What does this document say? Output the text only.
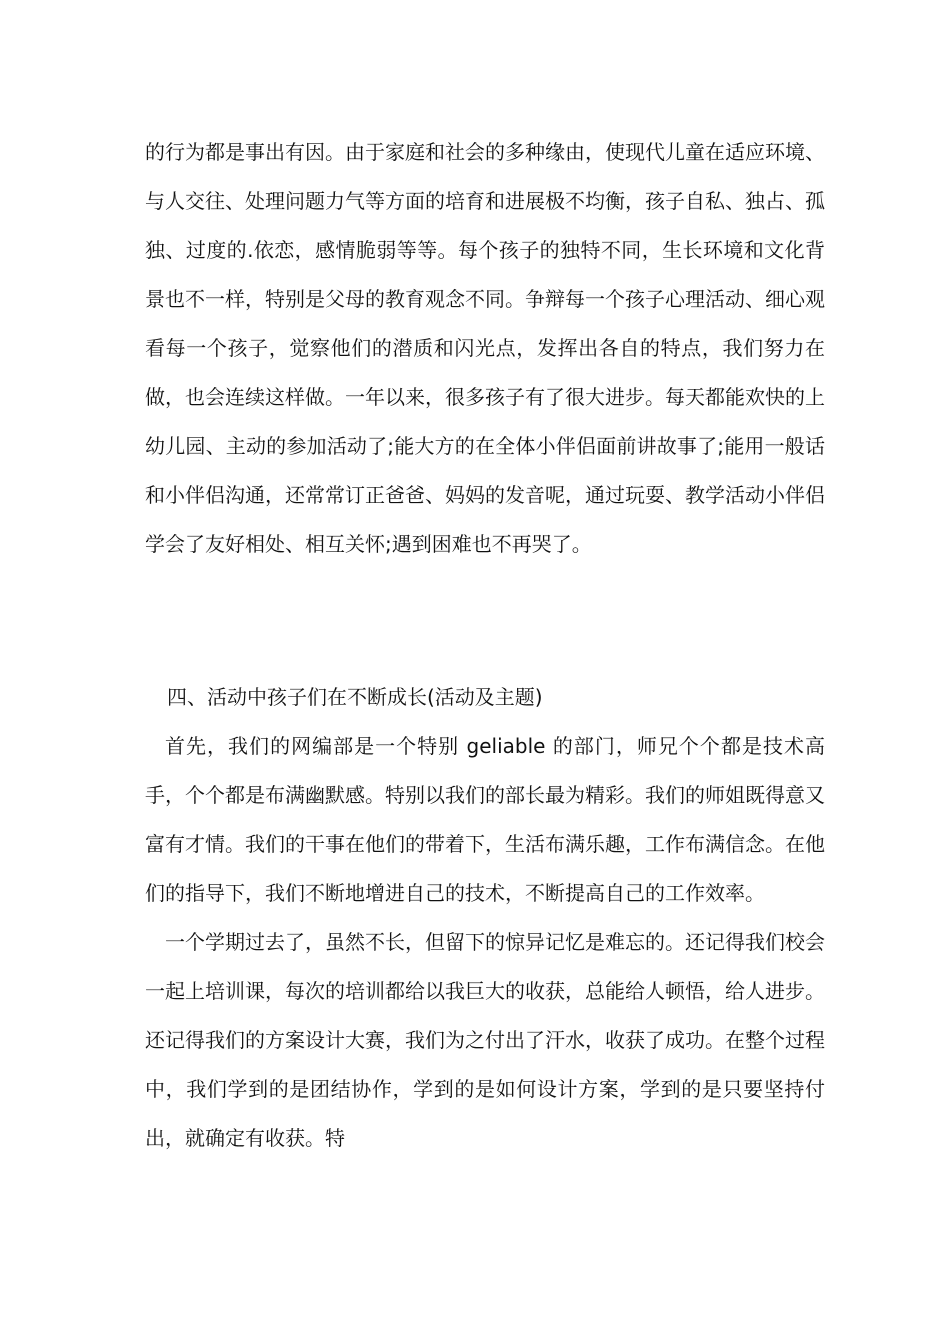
的行为都是事出有因。由于家庭和社会的多种缘由，使现代儿童在适应环境、与人交往、处理问题力气等方面的培育和进展极不均衡，孩子自私、独占、孤独、过度的.依恋，感情脆弱等等。每个孩子的独特不同，生长环境和文化背景也不一样，特别是父母的教育观念不同。争辩每一个孩子心理活动、细心观看每一个孩子，觉察他们的潜质和闪光点，发挥出各自的特点，我们努力在做，也会连续这样做。一年以来，很多孩子有了很大进步。每天都能欢快的上幼儿园、主动的参加活动了;能大方的在全体小伴侣面前讲故事了;能用一般话和小伴侣沟通，还常常订正爸爸、妈妈的发音呢，通过玩耍、教学活动小伴侣学会了友好相处、相互关怀;遇到困难也不再哭了。

四、活动中孩子们在不断成长(活动及主题)

首先，我们的网编部是一个特别 geliable 的部门，师兄个个都是技术高手，个个都是布满幽默感。特别以我们的部长最为精彩。我们的师姐既得意又富有才情。我们的干事在他们的带着下，生活布满乐趣，工作布满信念。在他们的指导下，我们不断地增进自己的技术，不断提高自己的工作效率。

一个学期过去了，虽然不长，但留下的惊异记忆是难忘的。还记得我们校会一起上培训课，每次的培训都给以我巨大的收获，总能给人顿悟，给人进步。还记得我们的方案设计大赛，我们为之付出了汗水，收获了成功。在整个过程中，我们学到的是团结协作，学到的是如何设计方案，学到的是只要坚持付出，就确定有收获。特
